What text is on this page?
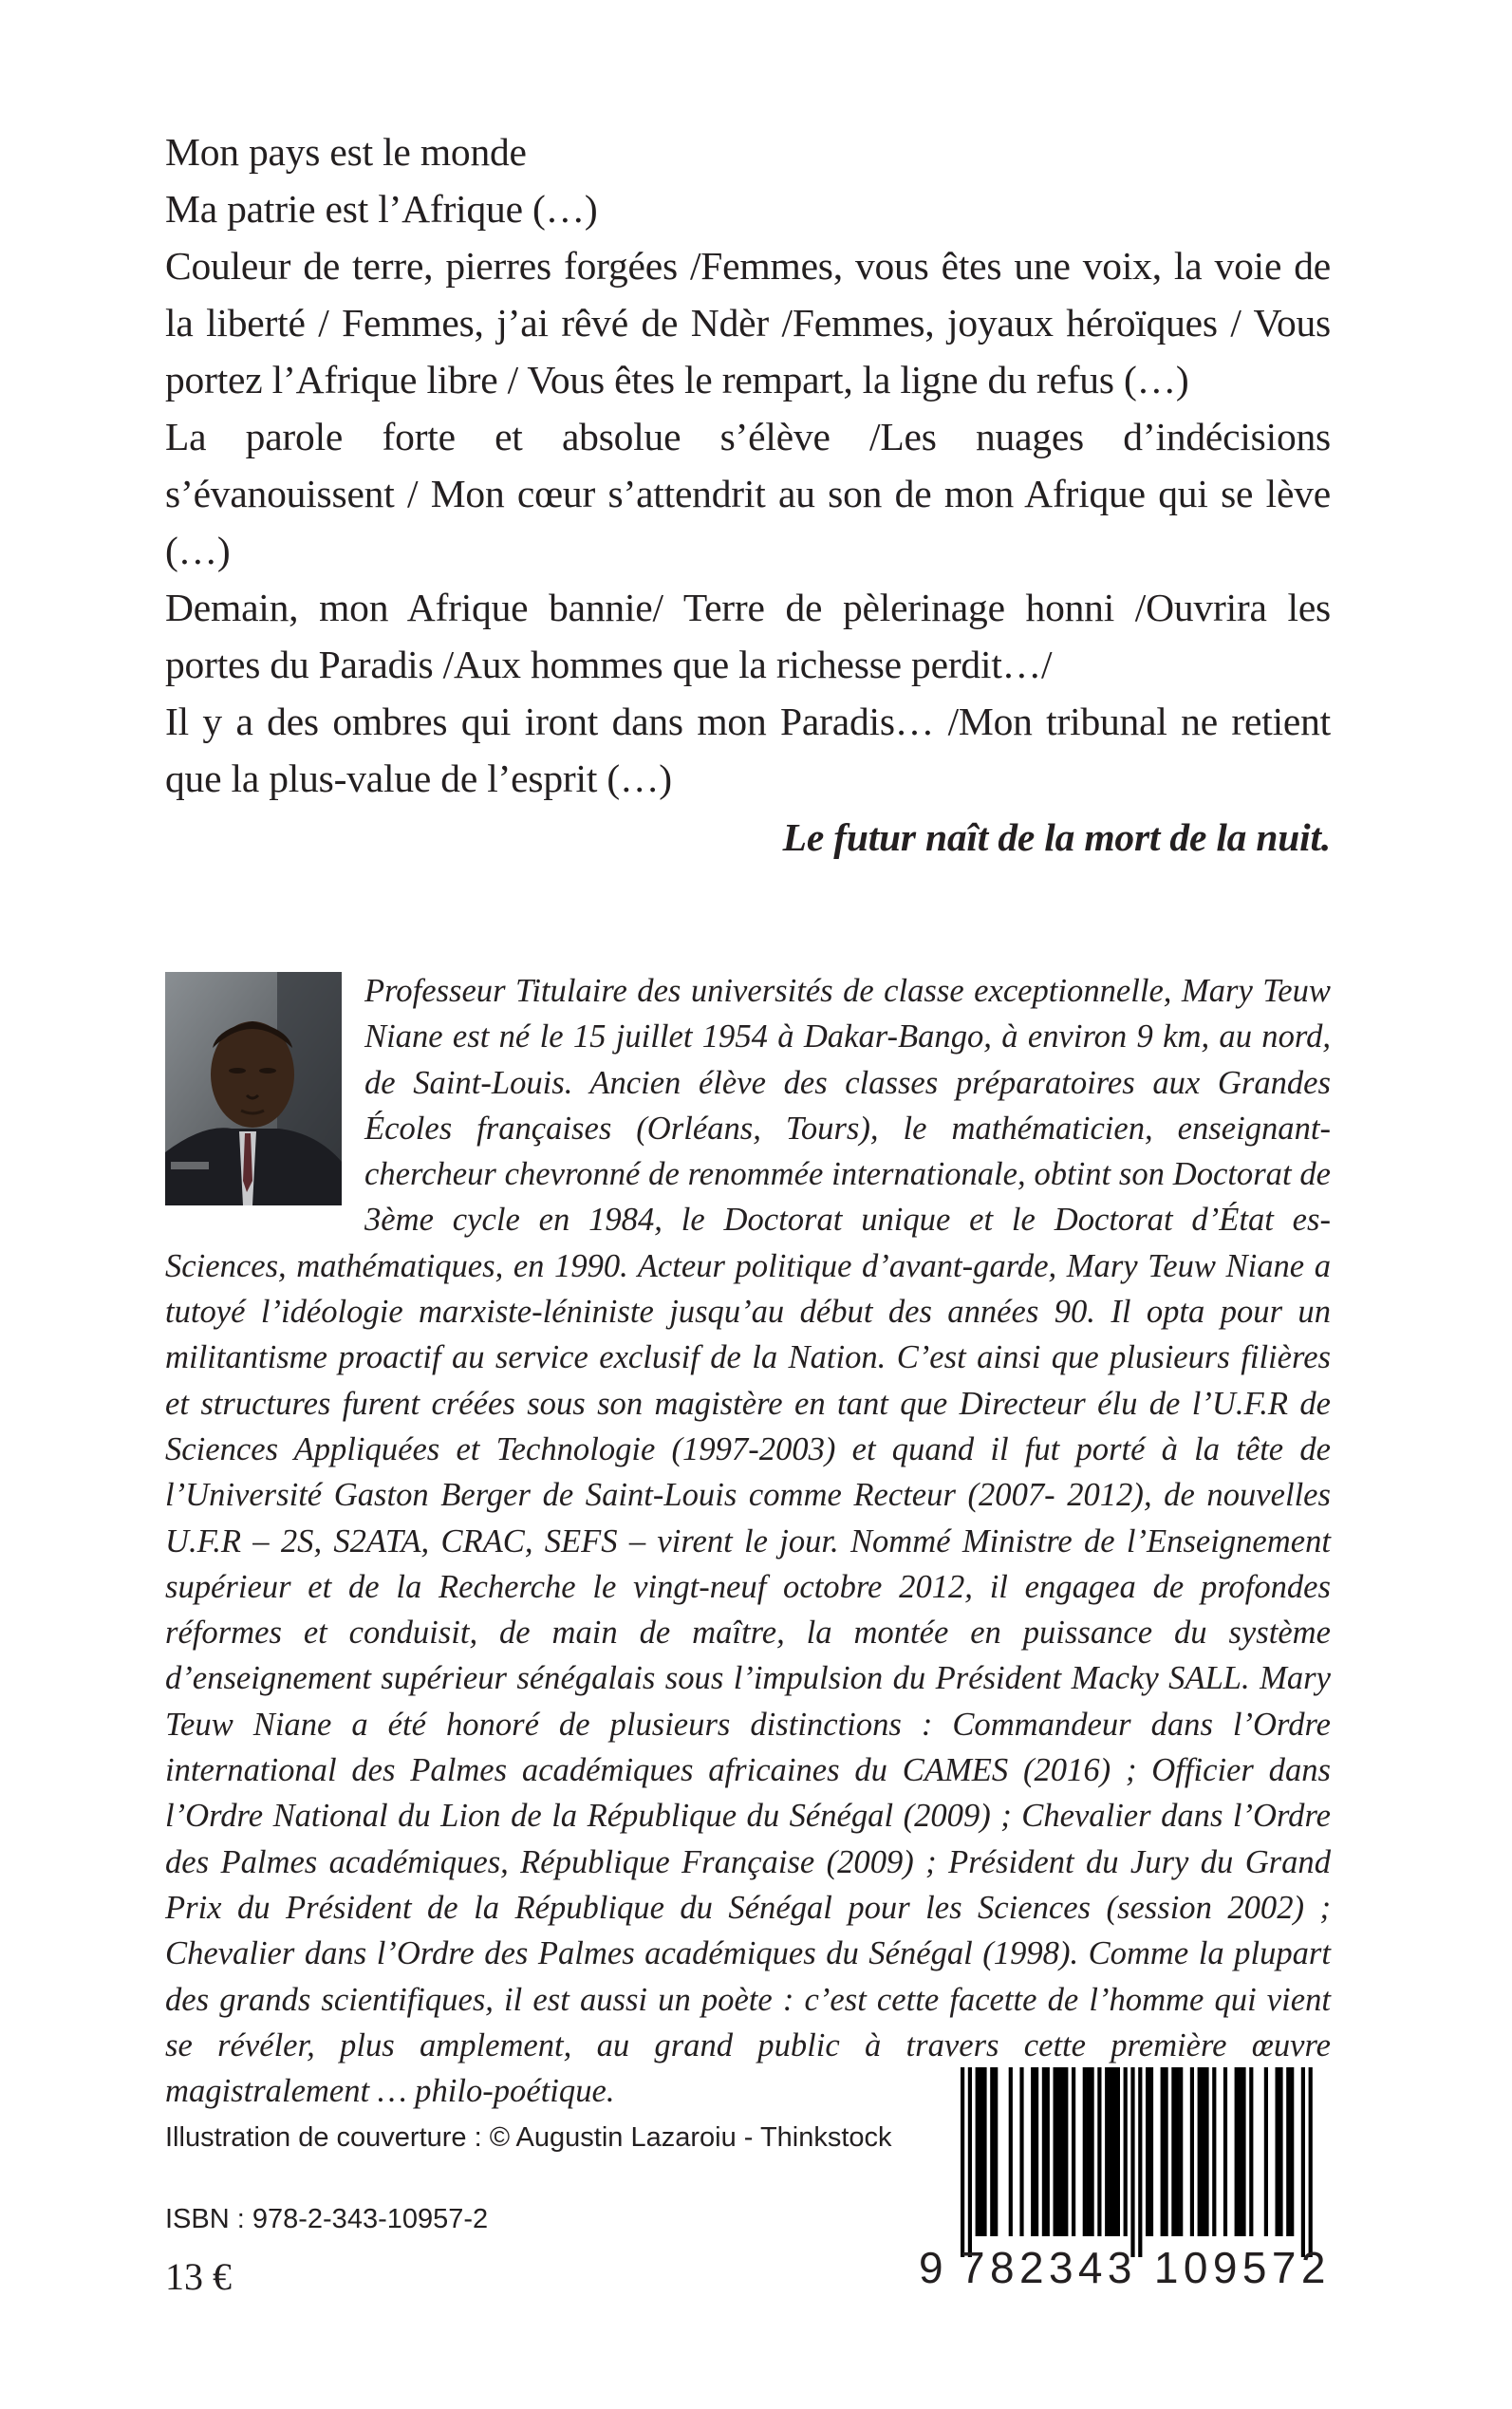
Mon pays est le monde
Ma patrie est l’Afrique (…)
Couleur de terre, pierres forgées /Femmes, vous êtes une voix, la voie de la liberté / Femmes, j’ai rêvé de Ndèr /Femmes, joyaux héroïques / Vous portez l’Afrique libre / Vous êtes le rempart, la ligne du refus (…)
La parole forte et absolue s’élève /Les nuages d’indécisions s’évanouissent / Mon cœur s’attendrit au son de mon Afrique qui se lève (…)
Demain, mon Afrique bannie/ Terre de pèlerinage honni /Ouvrira les portes du Paradis /Aux hommes que la richesse perdit…/
Il y a des ombres qui iront dans mon Paradis… /Mon tribunal ne retient que la plus-value de l’esprit (…)
Le futur naît de la mort de la nuit.
Professeur Titulaire des universités de classe exceptionnelle, Mary Teuw Niane est né le 15 juillet 1954 à Dakar-Bango, à environ 9 km, au nord, de Saint-Louis. Ancien élève des classes préparatoires aux Grandes Écoles françaises (Orléans, Tours), le mathématicien, enseignant-chercheur chevronné de renommée internationale, obtint son Doctorat de 3ème cycle en 1984, le Doctorat unique et le Doctorat d’État es-Sciences, mathématiques, en 1990. Acteur politique d’avant-garde, Mary Teuw Niane a tutoyé l’idéologie marxiste-léniniste jusqu’au début des années 90. Il opta pour un militantisme proactif au service exclusif de la Nation. C’est ainsi que plusieurs filières et structures furent créées sous son magistère en tant que Directeur élu de l’U.F.R de Sciences Appliquées et Technologie (1997-2003) et quand il fut porté à la tête de l’Université Gaston Berger de Saint-Louis comme Recteur (2007- 2012), de nouvelles U.F.R – 2S, S2ATA, CRAC, SEFS – virent le jour. Nommé Ministre de l’Enseignement supérieur et de la Recherche le vingt-neuf octobre 2012, il engagea de profondes réformes et conduisit, de main de maître, la montée en puissance du système d’enseignement supérieur sénégalais sous l’impulsion du Président Macky SALL. Mary Teuw Niane a été honoré de plusieurs distinctions : Commandeur dans l’Ordre international des Palmes académiques africaines du CAMES (2016) ; Officier dans l’Ordre National du Lion de la République du Sénégal (2009) ; Chevalier dans l’Ordre des Palmes académiques, République Française (2009) ; Président du Jury du Grand Prix du Président de la République du Sénégal pour les Sciences (session 2002) ; Chevalier dans l’Ordre des Palmes académiques du Sénégal (1998). Comme la plupart des grands scientifiques, il est aussi un poète : c’est cette facette de l’homme qui vient se révéler, plus amplement, au grand public à travers cette première œuvre magistralement … philo-poétique.
Illustration de couverture : © Augustin Lazaroiu - Thinkstock
ISBN : 978-2-343-10957-2
13 €	9 782343 109572
